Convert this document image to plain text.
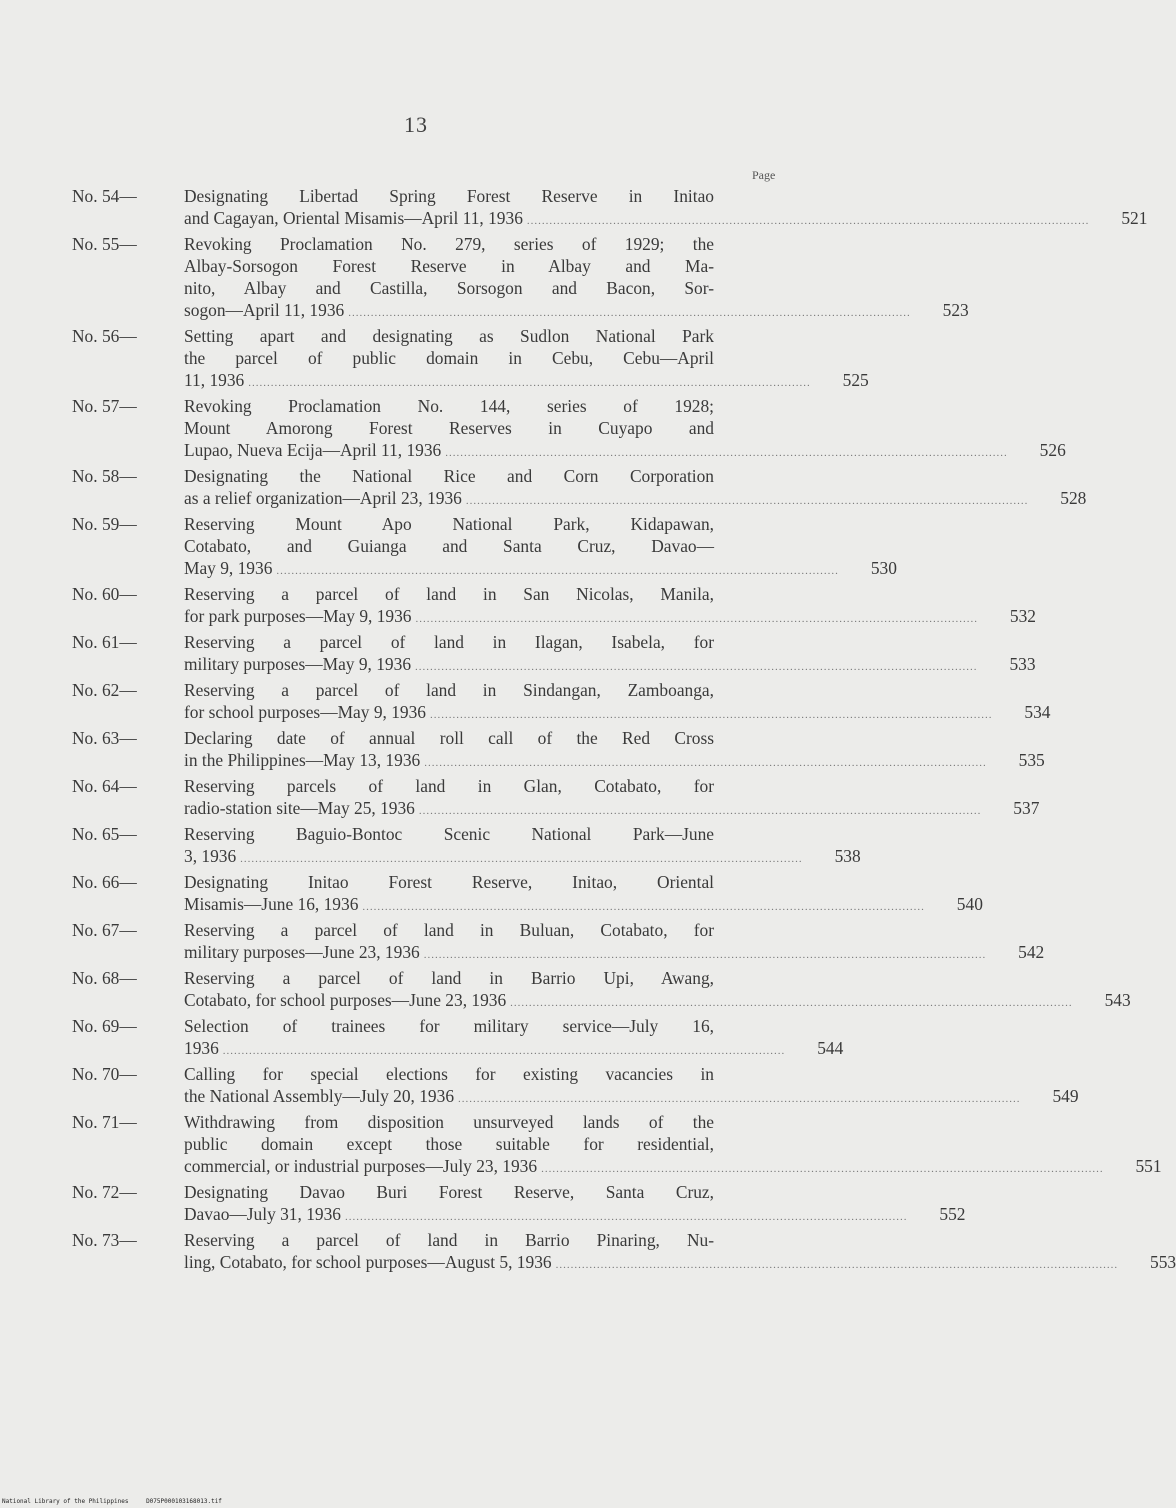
13
Page
No. 54—	Designating Libertad Spring Forest Reserve in Initao
and Cagayan, Oriental Misamis—April 11, 1936 .....	521
No. 55—	Revoking Proclamation No. 279, series of 1929; the
Albay-Sorsogon Forest Reserve in Albay and Ma-
nito, Albay and Castilla, Sorsogon and Bacon, Sor-
sogon—April 11, 1936 .....	523
No. 56—	Setting apart and designating as Sudlon National Park
the parcel of public domain in Cebu, Cebu—April
11, 1936 .....	525
No. 57—	Revoking Proclamation No. 144, series of 1928;
Mount Amorong Forest Reserves in Cuyapo and
Lupao, Nueva Ecija—April 11, 1936 .....	526
No. 58—	Designating the National Rice and Corn Corporation
as a relief organization—April 23, 1936 .....	528
No. 59—	Reserving Mount Apo National Park, Kidapawan,
Cotabato, and Guianga and Santa Cruz, Davao—
May 9, 1936 .....	530
No. 60—	Reserving a parcel of land in San Nicolas, Manila,
for park purposes—May 9, 1936 .....	532
No. 61—	Reserving a parcel of land in Ilagan, Isabela, for
military purposes—May 9, 1936 .....	533
No. 62—	Reserving a parcel of land in Sindangan, Zamboanga,
for school purposes—May 9, 1936 .....	534
No. 63—	Declaring date of annual roll call of the Red Cross
in the Philippines—May 13, 1936 .....	535
No. 64—	Reserving parcels of land in Glan, Cotabato, for
radio-station site—May 25, 1936 .....	537
No. 65—	Reserving Baguio-Bontoc Scenic National Park—June
3, 1936 .....	538
No. 66—	Designating Initao Forest Reserve, Initao, Oriental
Misamis—June 16, 1936 .....	540
No. 67—	Reserving a parcel of land in Buluan, Cotabato, for
military purposes—June 23, 1936 .....	542
No. 68—	Reserving a parcel of land in Barrio Upi, Awang,
Cotabato, for school purposes—June 23, 1936 .....	543
No. 69—	Selection of trainees for military service—July 16,
1936 .....	544
No. 70—	Calling for special elections for existing vacancies in
the National Assembly—July 20, 1936 .....	549
No. 71—	Withdrawing from disposition unsurveyed lands of the
public domain except those suitable for residential,
commercial, or industrial purposes—July 23, 1936 .....	551
No. 72—	Designating Davao Buri Forest Reserve, Santa Cruz,
Davao—July 31, 1936 .....	552
No. 73—	Reserving a parcel of land in Barrio Pinaring, Nu-
ling, Cotabato, for school purposes—August 5, 1936 .....	553
National Library of the Philippines	D075P000103168013.tif
